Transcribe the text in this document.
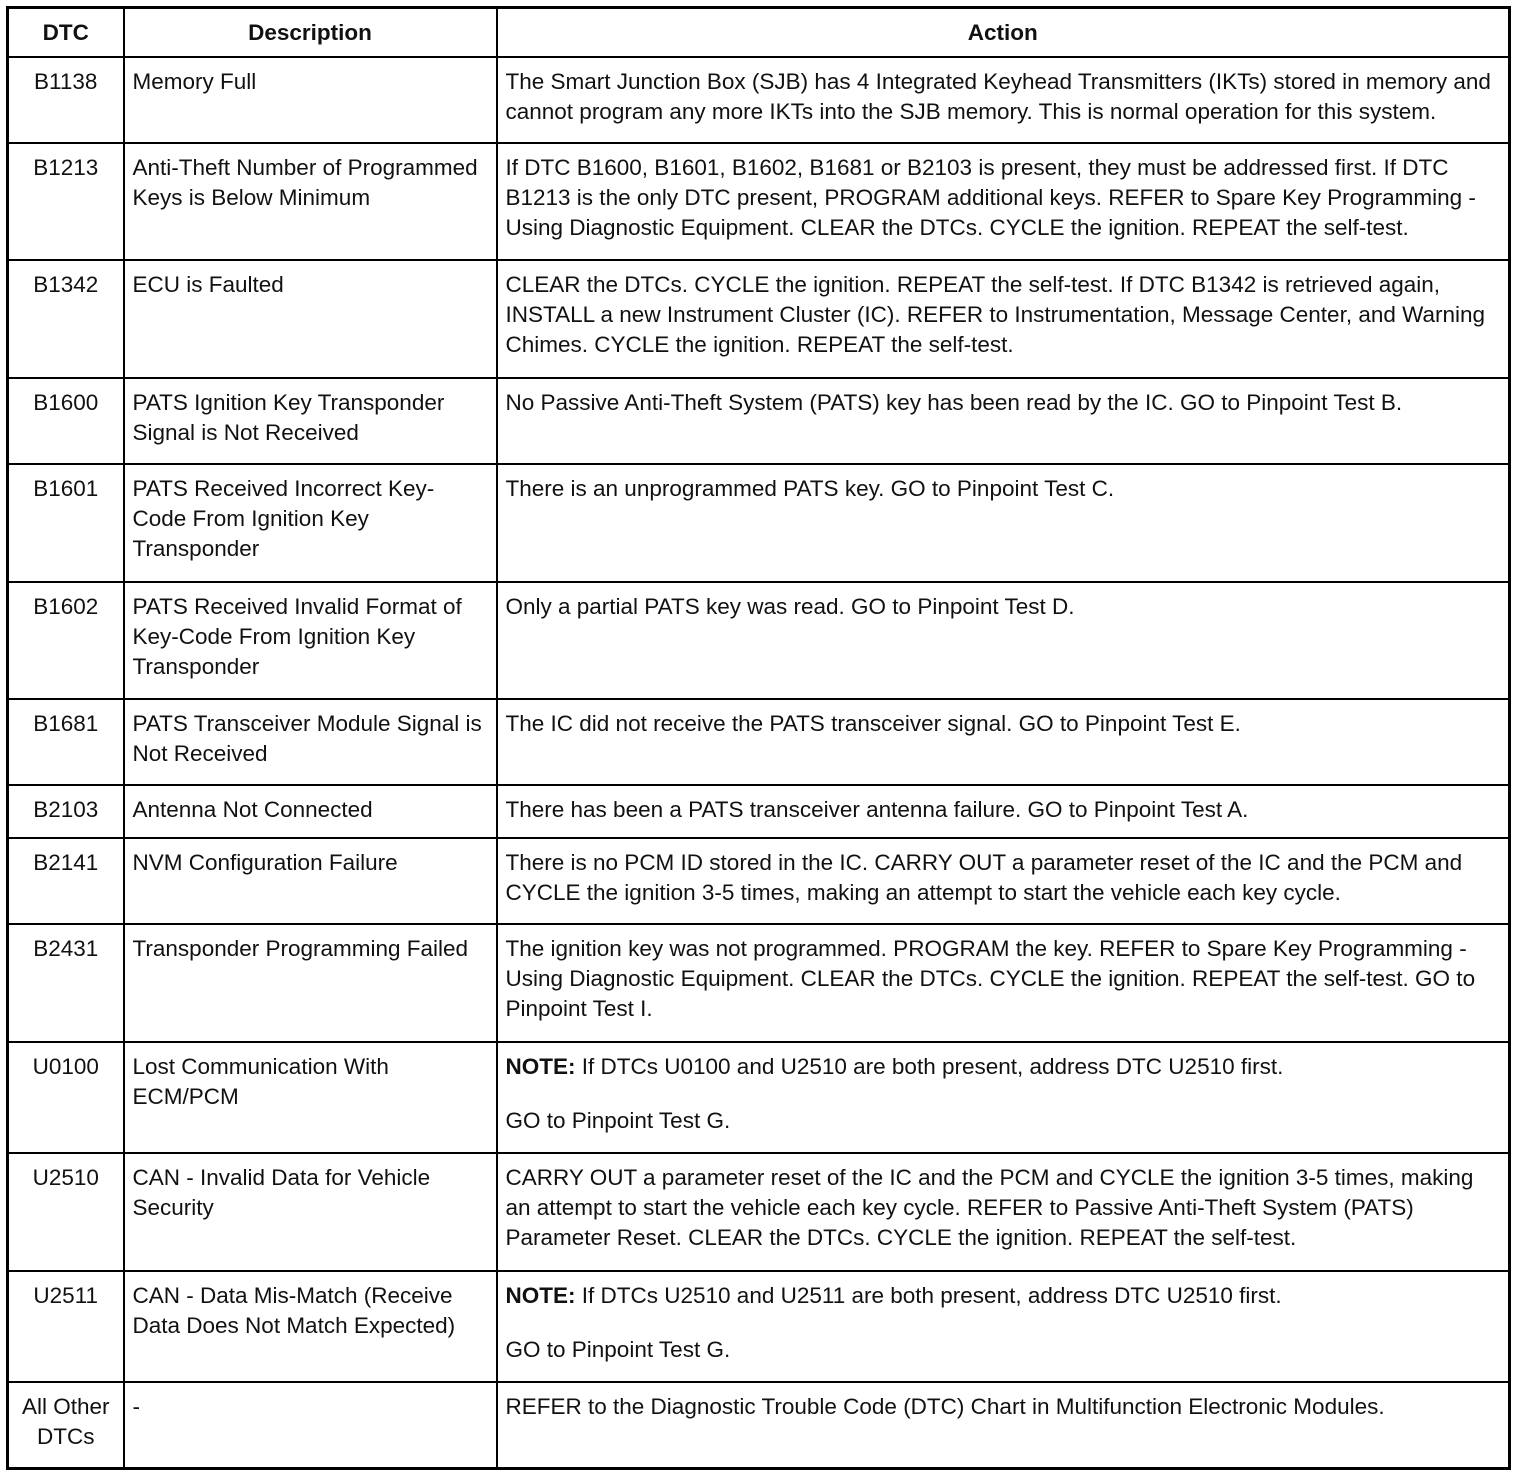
DTC	Description	Action
B1138	Memory Full	The Smart Junction Box (SJB) has 4 Integrated Keyhead Transmitters (IKTs) stored in memory and cannot program any more IKTs into the SJB memory. This is normal operation for this system.
B1213	Anti-Theft Number of Programmed Keys is Below Minimum	If DTC B1600, B1601, B1602, B1681 or B2103 is present, they must be addressed first. If DTC B1213 is the only DTC present, PROGRAM additional keys. REFER to Spare Key Programming - Using Diagnostic Equipment. CLEAR the DTCs. CYCLE the ignition. REPEAT the self-test.
B1342	ECU is Faulted	CLEAR the DTCs. CYCLE the ignition. REPEAT the self-test. If DTC B1342 is retrieved again, INSTALL a new Instrument Cluster (IC). REFER to Instrumentation, Message Center, and Warning Chimes. CYCLE the ignition. REPEAT the self-test.
B1600	PATS Ignition Key Transponder Signal is Not Received	No Passive Anti-Theft System (PATS) key has been read by the IC. GO to Pinpoint Test B.
B1601	PATS Received Incorrect Key-Code From Ignition Key Transponder	There is an unprogrammed PATS key. GO to Pinpoint Test C.
B1602	PATS Received Invalid Format of Key-Code From Ignition Key Transponder	Only a partial PATS key was read. GO to Pinpoint Test D.
B1681	PATS Transceiver Module Signal is Not Received	The IC did not receive the PATS transceiver signal. GO to Pinpoint Test E.
B2103	Antenna Not Connected	There has been a PATS transceiver antenna failure. GO to Pinpoint Test A.
B2141	NVM Configuration Failure	There is no PCM ID stored in the IC. CARRY OUT a parameter reset of the IC and the PCM and CYCLE the ignition 3-5 times, making an attempt to start the vehicle each key cycle.
B2431	Transponder Programming Failed	The ignition key was not programmed. PROGRAM the key. REFER to Spare Key Programming - Using Diagnostic Equipment. CLEAR the DTCs. CYCLE the ignition. REPEAT the self-test. GO to Pinpoint Test I.
U0100	Lost Communication With ECM/PCM	NOTE: If DTCs U0100 and U2510 are both present, address DTC U2510 first.
GO to Pinpoint Test G.

U2510	CAN - Invalid Data for Vehicle Security	CARRY OUT a parameter reset of the IC and the PCM and CYCLE the ignition 3-5 times, making an attempt to start the vehicle each key cycle. REFER to Passive Anti-Theft System (PATS) Parameter Reset. CLEAR the DTCs. CYCLE the ignition. REPEAT the self-test.
U2511	CAN - Data Mis-Match (Receive Data Does Not Match Expected)	NOTE: If DTCs U2510 and U2511 are both present, address DTC U2510 first.
GO to Pinpoint Test G.

All Other DTCs	-	REFER to the Diagnostic Trouble Code (DTC) Chart in Multifunction Electronic Modules.
